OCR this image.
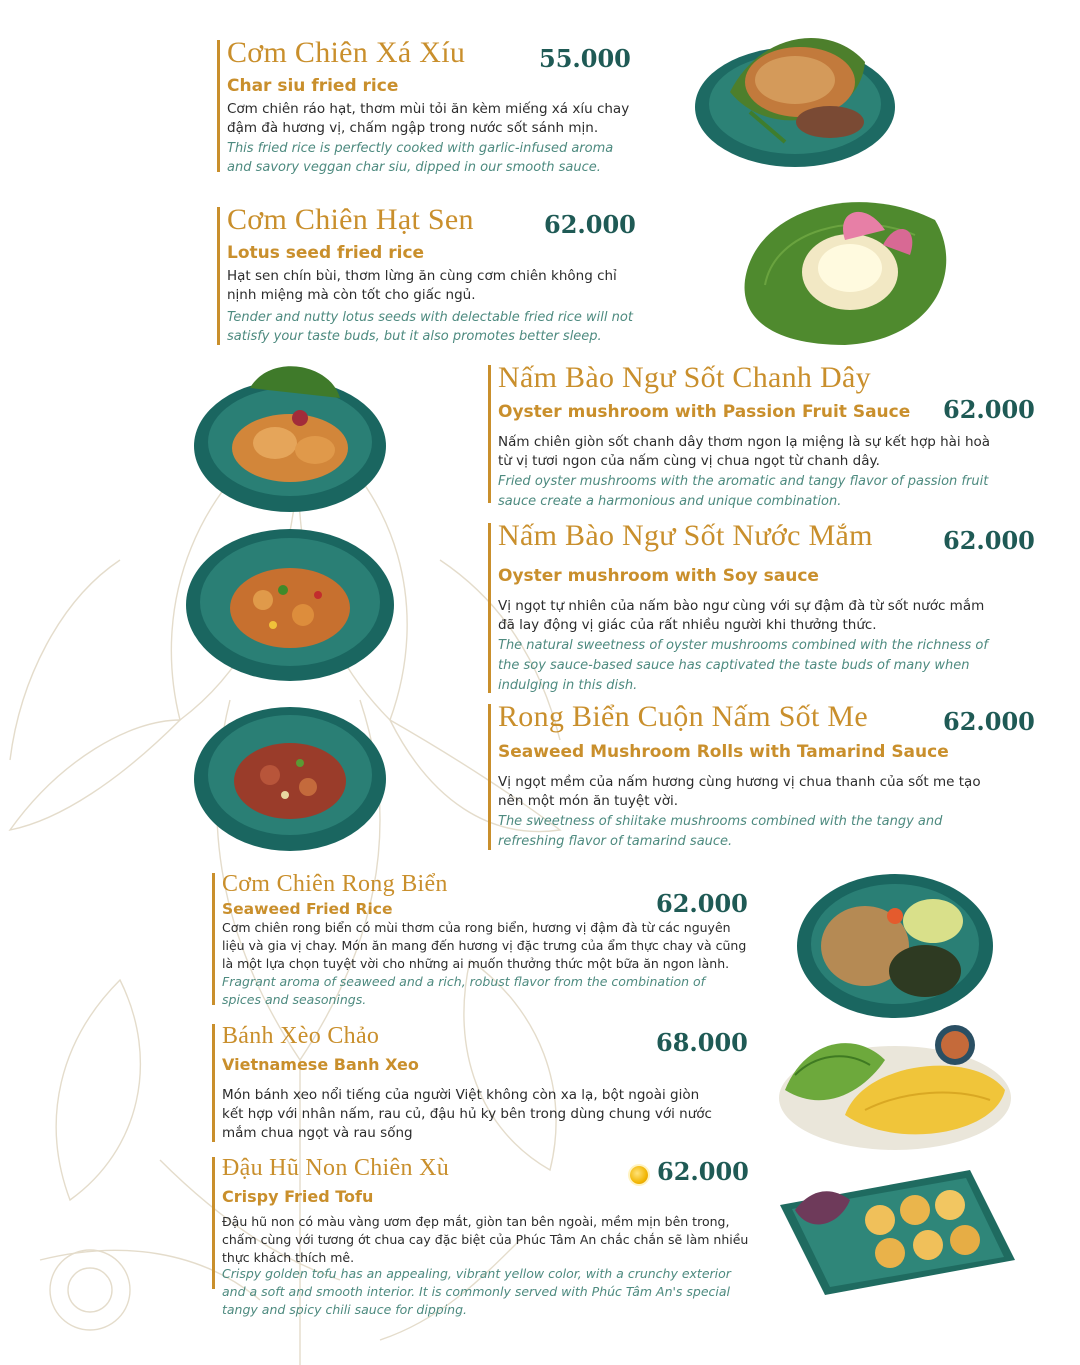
Cơm Chiên Xá Xíu	55.000
Char siu fried rice
Cơm chiên ráo hạt, thơm mùi tỏi ăn kèm miếng xá xíu chay đậm đà hương vị, chấm ngập trong nước sốt sánh mịn.
This fried rice is perfectly cooked with garlic-infused aroma and savory veggan char siu, dipped in our smooth sauce.
Cơm Chiên Hạt Sen	62.000
Lotus seed fried rice
Hạt sen chín bùi, thơm lừng ăn cùng cơm chiên không chỉ nịnh miệng mà còn tốt cho giấc ngủ.
Tender and nutty lotus seeds with delectable fried rice will not satisfy your taste buds, but it also promotes better sleep.
Nấm Bào Ngư Sốt Chanh Dây
Oyster mushroom with Passion Fruit Sauce 62.000
Nấm chiên giòn sốt chanh dây thơm ngon lạ miệng là sự kết hợp hài hoà từ vị tươi ngon của nấm cùng vị chua ngọt từ chanh dây.
Fried oyster mushrooms with the aromatic and tangy flavor of passion fruit sauce create a harmonious and unique combination.
Nấm Bào Ngư Sốt Nước Mắm	62.000
Oyster mushroom with Soy sauce
Vị ngọt tự nhiên của nấm bào ngư cùng với sự đậm đà từ sốt nước mắm đã lay động vị giác của rất nhiều người khi thưởng thức.
The natural sweetness of oyster mushrooms combined with the richness of the soy sauce-based sauce has captivated the taste buds of many when indulging in this dish.
Rong Biển Cuộn Nấm Sốt Me	62.000
Seaweed Mushroom Rolls with Tamarind Sauce
Vị ngọt mềm của nấm hương cùng hương vị chua thanh của sốt me tạo nên một món ăn tuyệt vời.
The sweetness of shiitake mushrooms combined with the tangy and refreshing flavor of tamarind sauce.
Cơm Chiên Rong Biển
Seaweed Fried Rice	62.000
Cơm chiên rong biển có mùi thơm của rong biển, hương vị đậm đà từ các nguyên liệu và gia vị chay. Món ăn mang đến hương vị đặc trưng của ẩm thực chay và cũng là một lựa chọn tuyệt vời cho những ai muốn thưởng thức một bữa ăn ngon lành.
Fragrant aroma of seaweed and a rich, robust flavor from the combination of spices and seasonings.
Bánh Xèo Chảo	68.000
Vietnamese Banh Xeo
Món bánh xeo nổi tiếng của người Việt không còn xa lạ, bột ngoài giòn kết hợp với nhân nấm, rau củ, đậu hủ ky bên trong dùng chung với nước mắm chua ngọt và rau sống
Đậu Hũ Non Chiên Xù	62.000
Crispy Fried Tofu
Đậu hũ non có màu vàng ươm đẹp mắt, giòn tan bên ngoài, mềm mịn bên trong, chấm cùng với tương ớt chua cay đặc biệt của Phúc Tâm An chắc chắn sẽ làm nhiều thực khách thích mê.
Crispy golden tofu has an appealing, vibrant yellow color, with a crunchy exterior and a soft and smooth interior. It is commonly served with Phúc Tâm An's special tangy and spicy chili sauce for dipping.
